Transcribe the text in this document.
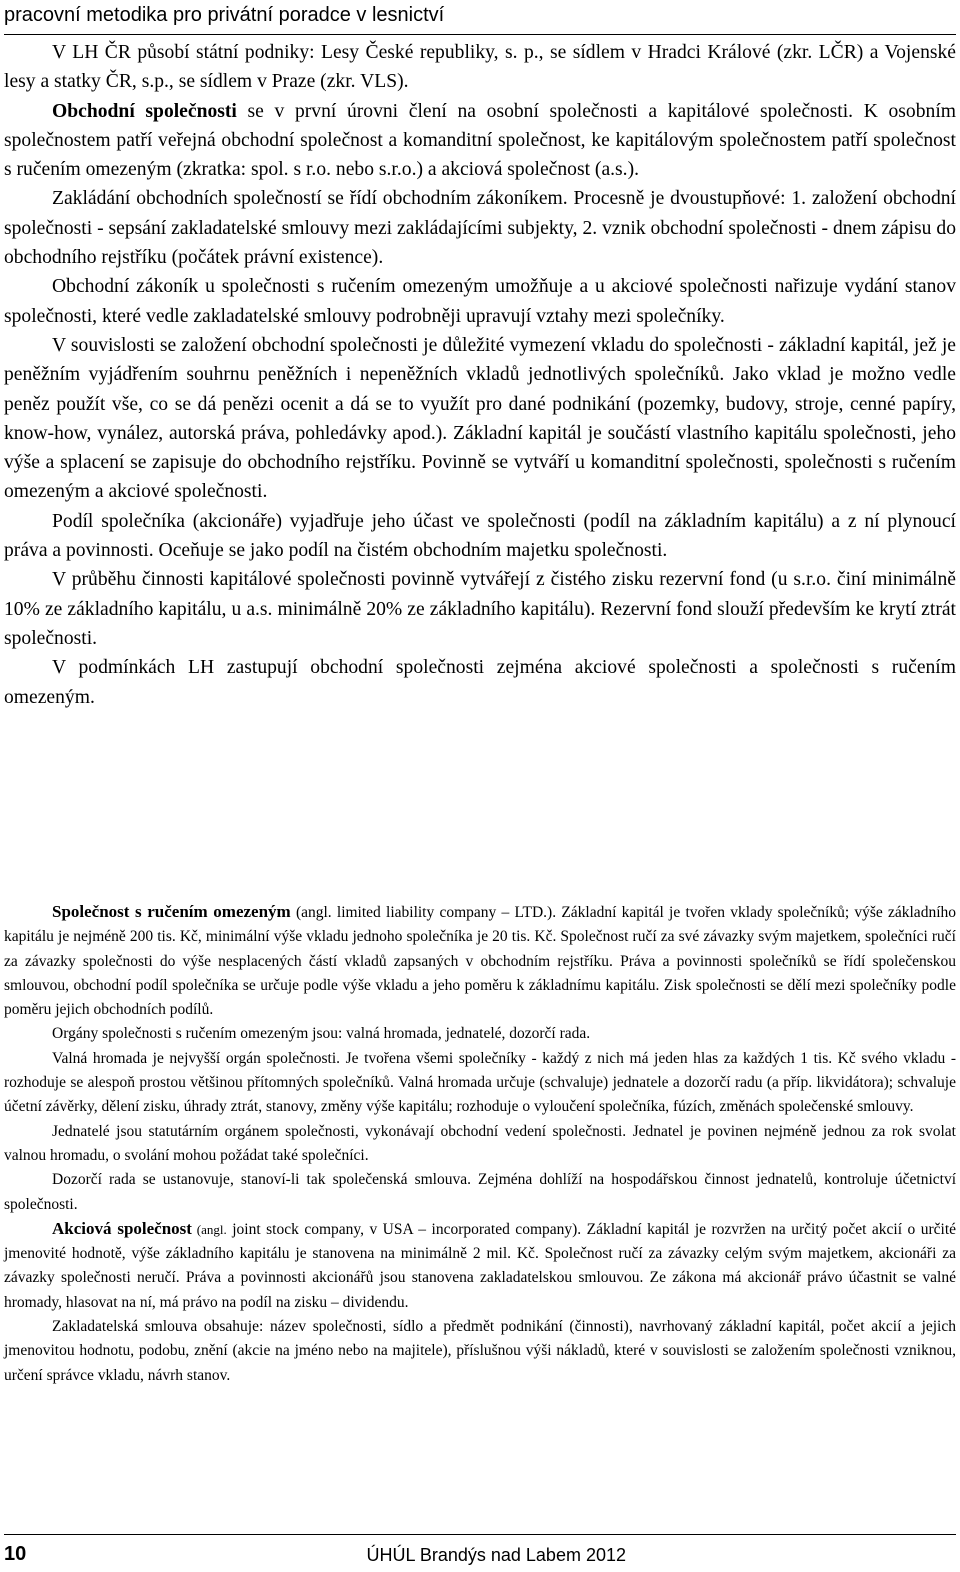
pracovní metodika pro privátní poradce v lesnictví

V LH ČR působí státní podniky: Lesy České republiky, s. p., se sídlem v Hradci Králové (zkr. LČR) a Vojenské lesy a statky ČR, s.p., se sídlem v Praze (zkr. VLS).

Obchodní společnosti se v první úrovni člení na osobní společnosti a kapitálové společnosti. K osobním společnostem patří veřejná obchodní společnost a komanditní společnost, ke kapitálovým společnostem patří společnost s ručením omezeným (zkratka: spol. s r.o. nebo s.r.o.) a akciová společnost (a.s.).

Zakládání obchodních společností se řídí obchodním zákoníkem. Procesně je dvoustupňové: 1. založení obchodní společnosti - sepsání zakladatelské smlouvy mezi zakládajícími subjekty, 2. vznik obchodní společnosti - dnem zápisu do obchodního rejstříku (počátek právní existence).

Obchodní zákoník u společnosti s ručením omezeným umožňuje a u akciové společnosti nařizuje vydání stanov společnosti, které vedle zakladatelské smlouvy podrobněji upravují vztahy mezi společníky.

V souvislosti se založení obchodní společnosti je důležité vymezení vkladu do společnosti - základní kapitál, jež je peněžním vyjádřením souhrnu peněžních i nepeněžních vkladů jednotlivých společníků. Jako vklad je možno vedle peněz použít vše, co se dá penězi ocenit a dá se to využít pro dané podnikání (pozemky, budovy, stroje, cenné papíry, know-how, vynález, autorská práva, pohledávky apod.). Základní kapitál je součástí vlastního kapitálu společnosti, jeho výše a splacení se zapisuje do obchodního rejstříku. Povinně se vytváří u komanditní společnosti, společnosti s ručením omezeným a akciové společnosti.

Podíl společníka (akcionáře) vyjadřuje jeho účast ve společnosti (podíl na základním kapitálu) a z ní plynoucí práva a povinnosti. Oceňuje se jako podíl na čistém obchodním majetku společnosti.

V průběhu činnosti kapitálové společnosti povinně vytvářejí z čistého zisku rezervní fond (u s.r.o. činí minimálně 10% ze základního kapitálu, u a.s. minimálně 20% ze základního kapitálu). Rezervní fond slouží především ke krytí ztrát společnosti.

V podmínkách LH zastupují obchodní společnosti zejména akciové společnosti a společnosti s ručením omezeným.

Společnost s ručením omezeným (angl. limited liability company – LTD.). Základní kapitál je tvořen vklady společníků; výše základního kapitálu je nejméně 200 tis. Kč, minimální výše vkladu jednoho společníka je 20 tis. Kč. Společnost ručí za své závazky svým majetkem, společníci ručí za závazky společnosti do výše nesplacených částí vkladů zapsaných v obchodním rejstříku. Práva a povinnosti společníků se řídí společenskou smlouvou, obchodní podíl společníka se určuje podle výše vkladu a jeho poměru k základnímu kapitálu. Zisk společnosti se dělí mezi společníky podle poměru jejich obchodních podílů.

Orgány společnosti s ručením omezeným jsou: valná hromada, jednatelé, dozorčí rada.

Valná hromada je nejvyšší orgán společnosti. Je tvořena všemi společníky - každý z nich má jeden hlas za každých 1 tis. Kč svého vkladu - rozhoduje se alespoň prostou většinou přítomných společníků. Valná hromada určuje (schvaluje) jednatele a dozorčí radu (a příp. likvidátora); schvaluje účetní závěrky, dělení zisku, úhrady ztrát, stanovy, změny výše kapitálu; rozhoduje o vyloučení společníka, fúzích, změnách společenské smlouvy.

Jednatelé jsou statutárním orgánem společnosti, vykonávají obchodní vedení společnosti. Jednatel je povinen nejméně jednou za rok svolat valnou hromadu, o svolání mohou požádat také společníci.

Dozorčí rada se ustanovuje, stanoví-li tak společenská smlouva. Zejména dohlíží na hospodářskou činnost jednatelů, kontroluje účetnictví společnosti.

Akciová společnost (angl. joint stock company, v USA – incorporated company). Základní kapitál je rozvržen na určitý počet akcií o určité jmenovité hodnotě, výše základního kapitálu je stanovena na minimálně 2 mil. Kč. Společnost ručí za závazky celým svým majetkem, akcionáři za závazky společnosti neručí. Práva a povinnosti akcionářů jsou stanovena zakladatelskou smlouvou. Ze zákona má akcionář právo účastnit se valné hromady, hlasovat na ní, má právo na podíl na zisku – dividendu.

Zakladatelská smlouva obsahuje: název společnosti, sídlo a předmět podnikání (činnosti), navrhovaný základní kapitál, počet akcií a jejich jmenovitou hodnotu, podobu, znění (akcie na jméno nebo na majitele), příslušnou výši nákladů, které v souvislosti se založením společnosti vzniknou, určení správce vkladu, návrh stanov.

10	ÚHÚL Brandýs nad Labem 2012
